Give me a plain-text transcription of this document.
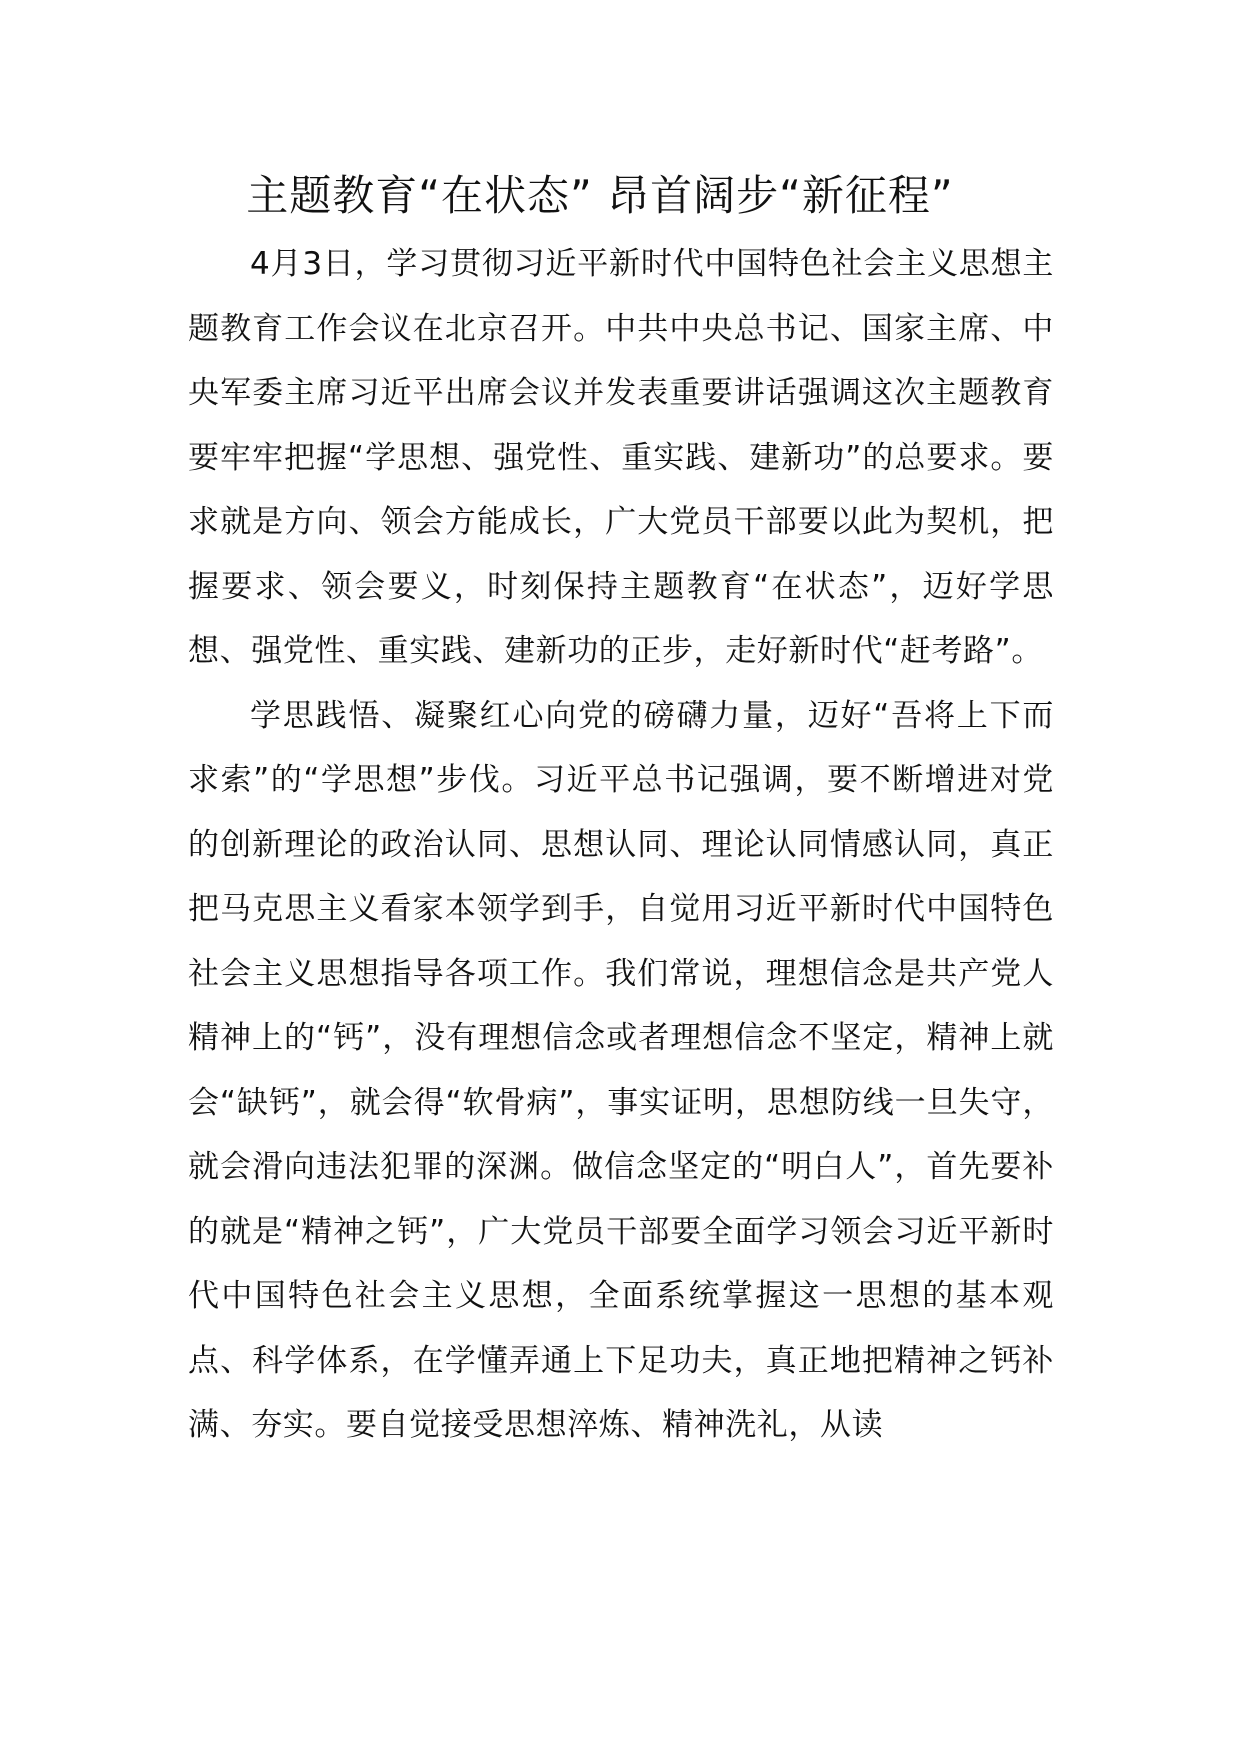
主题教育“在状态” 昂首阔步“新征程”

4月3日，学习贯彻习近平新时代中国特色社会主义思想主题教育工作会议在北京召开。中共中央总书记、国家主席、中央军委主席习近平出席会议并发表重要讲话强调这次主题教育要牢牢把握“学思想、强党性、重实践、建新功”的总要求。要求就是方向、领会方能成长，广大党员干部要以此为契机，把握要求、领会要义，时刻保持主题教育“在状态”，迈好学思想、强党性、重实践、建新功的正步，走好新时代“赶考路”。

学思践悟、凝聚红心向党的磅礴力量，迈好“吾将上下而求索”的“学思想”步伐。习近平总书记强调，要不断增进对党的创新理论的政治认同、思想认同、理论认同情感认同，真正把马克思主义看家本领学到手，自觉用习近平新时代中国特色社会主义思想指导各项工作。我们常说，理想信念是共产党人精神上的“钙”，没有理想信念或者理想信念不坚定，精神上就会“缺钙”，就会得“软骨病”，事实证明，思想防线一旦失守，就会滑向违法犯罪的深渊。做信念坚定的“明白人”，首先要补的就是“精神之钙”，广大党员干部要全面学习领会习近平新时代中国特色社会主义思想，全面系统掌握这一思想的基本观点、科学体系，在学懂弄通上下足功夫，真正地把精神之钙补满、夯实。要自觉接受思想淬炼、精神洗礼，从读
